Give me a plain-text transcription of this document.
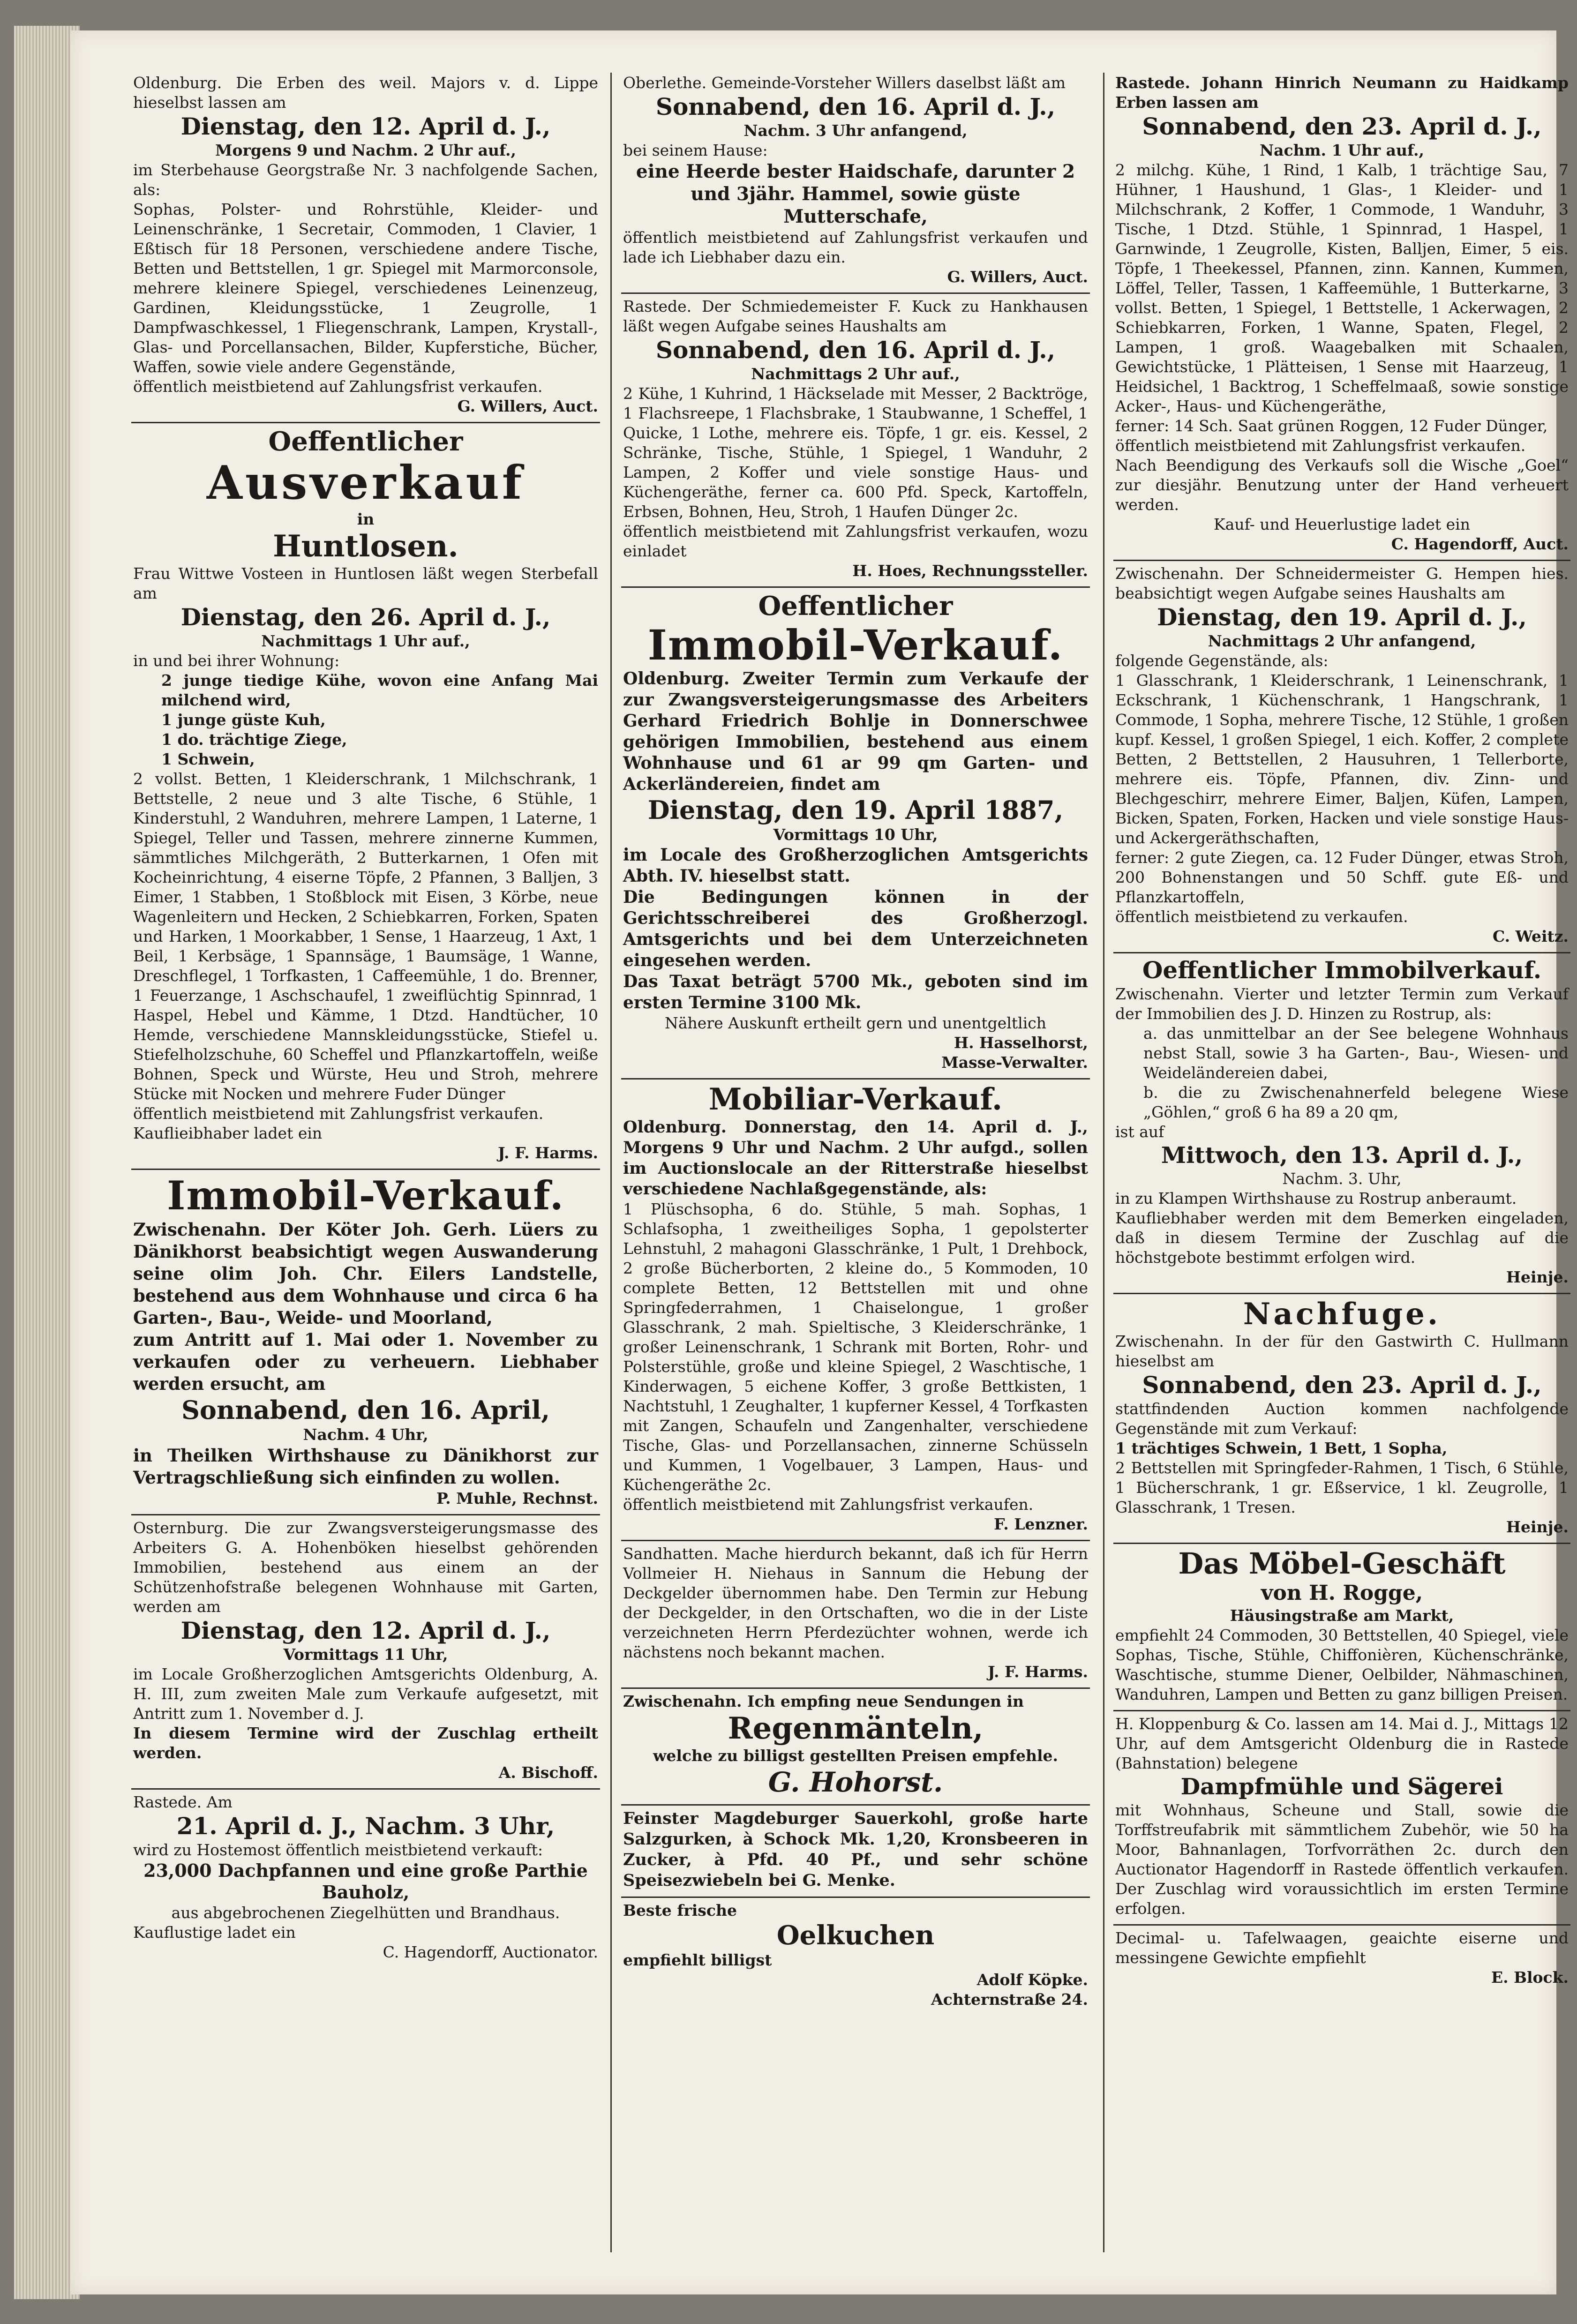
Oldenburg. Die Erben des weil. Majors v. d. Lippe hieselbst lassen am

Dienstag, den 12. April d. J.,

Morgens 9 und Nachm. 2 Uhr auf.,

im Sterbehause Georgstraße Nr. 3 nachfolgende Sachen, als:

Sophas, Polster- und Rohrstühle, Kleider- und Leinenschränke, 1 Secretair, Commoden, 1 Clavier, 1 Eßtisch für 18 Personen, verschiedene andere Tische, Betten und Bettstellen, 1 gr. Spiegel mit Marmorconsole, mehrere kleinere Spiegel, verschiedenes Leinenzeug, Gardinen, Kleidungsstücke, 1 Zeugrolle, 1 Dampfwaschkessel, 1 Fliegenschrank, Lampen, Krystall-, Glas- und Porcellansachen, Bilder, Kupferstiche, Bücher, Waffen, sowie viele andere Gegenstände,

öffentlich meistbietend auf Zahlungsfrist verkaufen.

G. Willers, Auct.

Oeffentlicher

Ausverkauf

in

Huntlosen.

Frau Wittwe Vosteen in Huntlosen läßt wegen Sterbefall am

Dienstag, den 26. April d. J.,

Nachmittags 1 Uhr auf.,

in und bei ihrer Wohnung:

2 junge tiedige Kühe, wovon eine Anfang Mai milchend wird,

1 junge güste Kuh,

1 do. trächtige Ziege,

1 Schwein,

2 vollst. Betten, 1 Kleiderschrank, 1 Milchschrank, 1 Bettstelle, 2 neue und 3 alte Tische, 6 Stühle, 1 Kinderstuhl, 2 Wanduhren, mehrere Lampen, 1 Laterne, 1 Spiegel, Teller und Tassen, mehrere zinnerne Kummen, sämmtliches Milchgeräth, 2 Butterkarnen, 1 Ofen mit Kocheinrichtung, 4 eiserne Töpfe, 2 Pfannen, 3 Balljen, 3 Eimer, 1 Stabben, 1 Stoßblock mit Eisen, 3 Körbe, neue Wagenleitern und Hecken, 2 Schiebkarren, Forken, Spaten und Harken, 1 Moorkabber, 1 Sense, 1 Haarzeug, 1 Axt, 1 Beil, 1 Kerbsäge, 1 Spannsäge, 1 Baumsäge, 1 Wanne, Dreschflegel, 1 Torfkasten, 1 Caffeemühle, 1 do. Brenner, 1 Feuerzange, 1 Aschschaufel, 1 zweiflüchtig Spinnrad, 1 Haspel, Hebel und Kämme, 1 Dtzd. Handtücher, 10 Hemde, verschiedene Mannskleidungsstücke, Stiefel u. Stiefelholzschuhe, 60 Scheffel und Pflanzkartoffeln, weiße Bohnen, Speck und Würste, Heu und Stroh, mehrere Stücke mit Nocken und mehrere Fuder Dünger

öffentlich meistbietend mit Zahlungsfrist verkaufen.

Kauflieibhaber ladet ein

J. F. Harms.

Immobil-Verkauf.

Zwischenahn. Der Köter Joh. Gerh. Lüers zu Dänikhorst beabsichtigt wegen Auswanderung seine olim Joh. Chr. Eilers Landstelle, bestehend aus dem Wohnhause und circa 6 ha Garten-, Bau-, Weide- und Moorland,

zum Antritt auf 1. Mai oder 1. November zu verkaufen oder zu verheuern. Liebhaber werden ersucht, am

Sonnabend, den 16. April,

Nachm. 4 Uhr,

in Theilken Wirthshause zu Dänikhorst zur Vertragschließung sich einfinden zu wollen.

P. Muhle, Rechnst.

Osternburg. Die zur Zwangsversteigerungsmasse des Arbeiters G. A. Hohenböken hieselbst gehörenden Immobilien, bestehend aus einem an der Schützenhofstraße belegenen Wohnhause mit Garten, werden am

Dienstag, den 12. April d. J.,

Vormittags 11 Uhr,

im Locale Großherzoglichen Amtsgerichts Oldenburg, A. H. III, zum zweiten Male zum Verkaufe aufgesetzt, mit Antritt zum 1. November d. J.

In diesem Termine wird der Zuschlag ertheilt werden.

A. Bischoff.

Rastede. Am

21. April d. J., Nachm. 3 Uhr,

wird zu Hostemost öffentlich meistbietend verkauft:

23,000 Dachpfannen und eine große Parthie Bauholz,

aus abgebrochenen Ziegelhütten und Brandhaus.

Kauflustige ladet ein

C. Hagendorff, Auctionator.

Oberlethe. Gemeinde-Vorsteher Willers daselbst läßt am

Sonnabend, den 16. April d. J.,

Nachm. 3 Uhr anfangend,

bei seinem Hause:

eine Heerde bester Haidschafe, darunter 2 und 3jähr. Hammel, sowie güste Mutterschafe,

öffentlich meistbietend auf Zahlungsfrist verkaufen und lade ich Liebhaber dazu ein.

G. Willers, Auct.

Rastede. Der Schmiedemeister F. Kuck zu Hankhausen läßt wegen Aufgabe seines Haushalts am

Sonnabend, den 16. April d. J.,

Nachmittags 2 Uhr auf.,

2 Kühe, 1 Kuhrind, 1 Häckselade mit Messer, 2 Backtröge, 1 Flachsreepe, 1 Flachsbrake, 1 Staubwanne, 1 Scheffel, 1 Quicke, 1 Lothe, mehrere eis. Töpfe, 1 gr. eis. Kessel, 2 Schränke, Tische, Stühle, 1 Spiegel, 1 Wanduhr, 2 Lampen, 2 Koffer und viele sonstige Haus- und Küchengeräthe, ferner ca. 600 Pfd. Speck, Kartoffeln, Erbsen, Bohnen, Heu, Stroh, 1 Haufen Dünger 2c.

öffentlich meistbietend mit Zahlungsfrist verkaufen, wozu einladet

H. Hoes, Rechnungssteller.

Oeffentlicher

Immobil-Verkauf.

Oldenburg. Zweiter Termin zum Verkaufe der zur Zwangsversteigerungsmasse des Arbeiters Gerhard Friedrich Bohlje in Donnerschwee gehörigen Immobilien, bestehend aus einem Wohnhause und 61 ar 99 qm Garten- und Ackerländereien, findet am

Dienstag, den 19. April 1887,

Vormittags 10 Uhr,

im Locale des Großherzoglichen Amtsgerichts Abth. IV. hieselbst statt.

Die Bedingungen können in der Gerichtsschreiberei des Großherzogl. Amtsgerichts und bei dem Unterzeichneten eingesehen werden.

Das Taxat beträgt 5700 Mk., geboten sind im ersten Termine 3100 Mk.

Nähere Auskunft ertheilt gern und unentgeltlich

H. Hasselhorst,

Masse-Verwalter.

Mobiliar-Verkauf.

Oldenburg. Donnerstag, den 14. April d. J., Morgens 9 Uhr und Nachm. 2 Uhr aufgd., sollen im Auctionslocale an der Ritterstraße hieselbst verschiedene Nachlaßgegenstände, als:

1 Plüschsopha, 6 do. Stühle, 5 mah. Sophas, 1 Schlafsopha, 1 zweitheiliges Sopha, 1 gepolsterter Lehnstuhl, 2 mahagoni Glasschränke, 1 Pult, 1 Drehbock, 2 große Bücherborten, 2 kleine do., 5 Kommoden, 10 complete Betten, 12 Bettstellen mit und ohne Springfederrahmen, 1 Chaiselongue, 1 großer Glasschrank, 2 mah. Spieltische, 3 Kleiderschränke, 1 großer Leinenschrank, 1 Schrank mit Borten, Rohr- und Polsterstühle, große und kleine Spiegel, 2 Waschtische, 1 Kinderwagen, 5 eichene Koffer, 3 große Bettkisten, 1 Nachtstuhl, 1 Zeughalter, 1 kupferner Kessel, 4 Torfkasten mit Zangen, Schaufeln und Zangenhalter, verschiedene Tische, Glas- und Porzellansachen, zinnerne Schüsseln und Kummen, 1 Vogelbauer, 3 Lampen, Haus- und Küchengeräthe 2c.

öffentlich meistbietend mit Zahlungsfrist verkaufen.

F. Lenzner.

Sandhatten. Mache hierdurch bekannt, daß ich für Herrn Vollmeier H. Niehaus in Sannum die Hebung der Deckgelder übernommen habe. Den Termin zur Hebung der Deckgelder, in den Ortschaften, wo die in der Liste verzeichneten Herrn Pferdezüchter wohnen, werde ich nächstens noch bekannt machen.

J. F. Harms.

Zwischenahn. Ich empfing neue Sendungen in

Regenmänteln,

welche zu billigst gestellten Preisen empfehle.

G. Hohorst.

Feinster Magdeburger Sauerkohl, große harte Salzgurken, à Schock Mk. 1,20, Kronsbeeren in Zucker, à Pfd. 40 Pf., und sehr schöne Speisezwiebeln bei G. Menke.

Beste frische

Oelkuchen

empfiehlt billigst

Adolf Köpke.

Achternstraße 24.

Rastede. Johann Hinrich Neumann zu Haidkamp Erben lassen am

Sonnabend, den 23. April d. J.,

Nachm. 1 Uhr auf.,

2 milchg. Kühe, 1 Rind, 1 Kalb, 1 trächtige Sau, 7 Hühner, 1 Haushund, 1 Glas-, 1 Kleider- und 1 Milchschrank, 2 Koffer, 1 Commode, 1 Wanduhr, 3 Tische, 1 Dtzd. Stühle, 1 Spinnrad, 1 Haspel, 1 Garnwinde, 1 Zeugrolle, Kisten, Balljen, Eimer, 5 eis. Töpfe, 1 Theekessel, Pfannen, zinn. Kannen, Kummen, Löffel, Teller, Tassen, 1 Kaffeemühle, 1 Butterkarne, 3 vollst. Betten, 1 Spiegel, 1 Bettstelle, 1 Ackerwagen, 2 Schiebkarren, Forken, 1 Wanne, Spaten, Flegel, 2 Lampen, 1 groß. Waagebalken mit Schaalen, Gewichtstücke, 1 Plätteisen, 1 Sense mit Haarzeug, 1 Heidsichel, 1 Backtrog, 1 Scheffelmaaß, sowie sonstige Acker-, Haus- und Küchengeräthe,

ferner: 14 Sch. Saat grünen Roggen, 12 Fuder Dünger,

öffentlich meistbietend mit Zahlungsfrist verkaufen.

Nach Beendigung des Verkaufs soll die Wische „Goel“ zur diesjähr. Benutzung unter der Hand verheuert werden.

Kauf- und Heuerlustige ladet ein

C. Hagendorff, Auct.

Zwischenahn. Der Schneidermeister G. Hempen hies. beabsichtigt wegen Aufgabe seines Haushalts am

Dienstag, den 19. April d. J.,

Nachmittags 2 Uhr anfangend,

folgende Gegenstände, als:

1 Glasschrank, 1 Kleiderschrank, 1 Leinenschrank, 1 Eckschrank, 1 Küchenschrank, 1 Hangschrank, 1 Commode, 1 Sopha, mehrere Tische, 12 Stühle, 1 großen kupf. Kessel, 1 großen Spiegel, 1 eich. Koffer, 2 complete Betten, 2 Bettstellen, 2 Hausuhren, 1 Tellerborte, mehrere eis. Töpfe, Pfannen, div. Zinn- und Blechgeschirr, mehrere Eimer, Baljen, Küfen, Lampen, Bicken, Spaten, Forken, Hacken und viele sonstige Haus- und Ackergeräthschaften,

ferner: 2 gute Ziegen, ca. 12 Fuder Dünger, etwas Stroh, 200 Bohnenstangen und 50 Schff. gute Eß- und Pflanzkartoffeln,

öffentlich meistbietend zu verkaufen.

C. Weitz.

Oeffentlicher Immobilverkauf.

Zwischenahn. Vierter und letzter Termin zum Verkauf der Immobilien des J. D. Hinzen zu Rostrup, als:

a. das unmittelbar an der See belegene Wohnhaus nebst Stall, sowie 3 ha Garten-, Bau-, Wiesen- und Weideländereien dabei,

b. die zu Zwischenahnerfeld belegene Wiese „Göhlen,“ groß 6 ha 89 a 20 qm,

ist auf

Mittwoch, den 13. April d. J.,

Nachm. 3. Uhr,

in zu Klampen Wirthshause zu Rostrup anberaumt.

Kaufliebhaber werden mit dem Bemerken eingeladen, daß in diesem Termine der Zuschlag auf die höchstgebote bestimmt erfolgen wird.

Heinje.

Nachfuge.

Zwischenahn. In der für den Gastwirth C. Hullmann hieselbst am

Sonnabend, den 23. April d. J.,

stattfindenden Auction kommen nachfolgende Gegenstände mit zum Verkauf:

1 trächtiges Schwein, 1 Bett, 1 Sopha,

2 Bettstellen mit Springfeder-Rahmen, 1 Tisch, 6 Stühle, 1 Bücherschrank, 1 gr. Eßservice, 1 kl. Zeugrolle, 1 Glasschrank, 1 Tresen.

Heinje.

Das Möbel-Geschäft

von H. Rogge,

Häusingstraße am Markt,

empfiehlt 24 Commoden, 30 Bettstellen, 40 Spiegel, viele Sophas, Tische, Stühle, Chiffonièren, Küchenschränke, Waschtische, stumme Diener, Oelbilder, Nähmaschinen, Wanduhren, Lampen und Betten zu ganz billigen Preisen.

H. Kloppenburg & Co. lassen am 14. Mai d. J., Mittags 12 Uhr, auf dem Amtsgericht Oldenburg die in Rastede (Bahnstation) belegene

Dampfmühle und Sägerei

mit Wohnhaus, Scheune und Stall, sowie die Torffstreufabrik mit sämmtlichem Zubehör, wie 50 ha Moor, Bahnanlagen, Torfvorräthen 2c. durch den Auctionator Hagendorff in Rastede öffentlich verkaufen. Der Zuschlag wird voraussichtlich im ersten Termine erfolgen.

Decimal- u. Tafelwaagen, geaichte eiserne und messingene Gewichte empfiehlt

E. Block.
